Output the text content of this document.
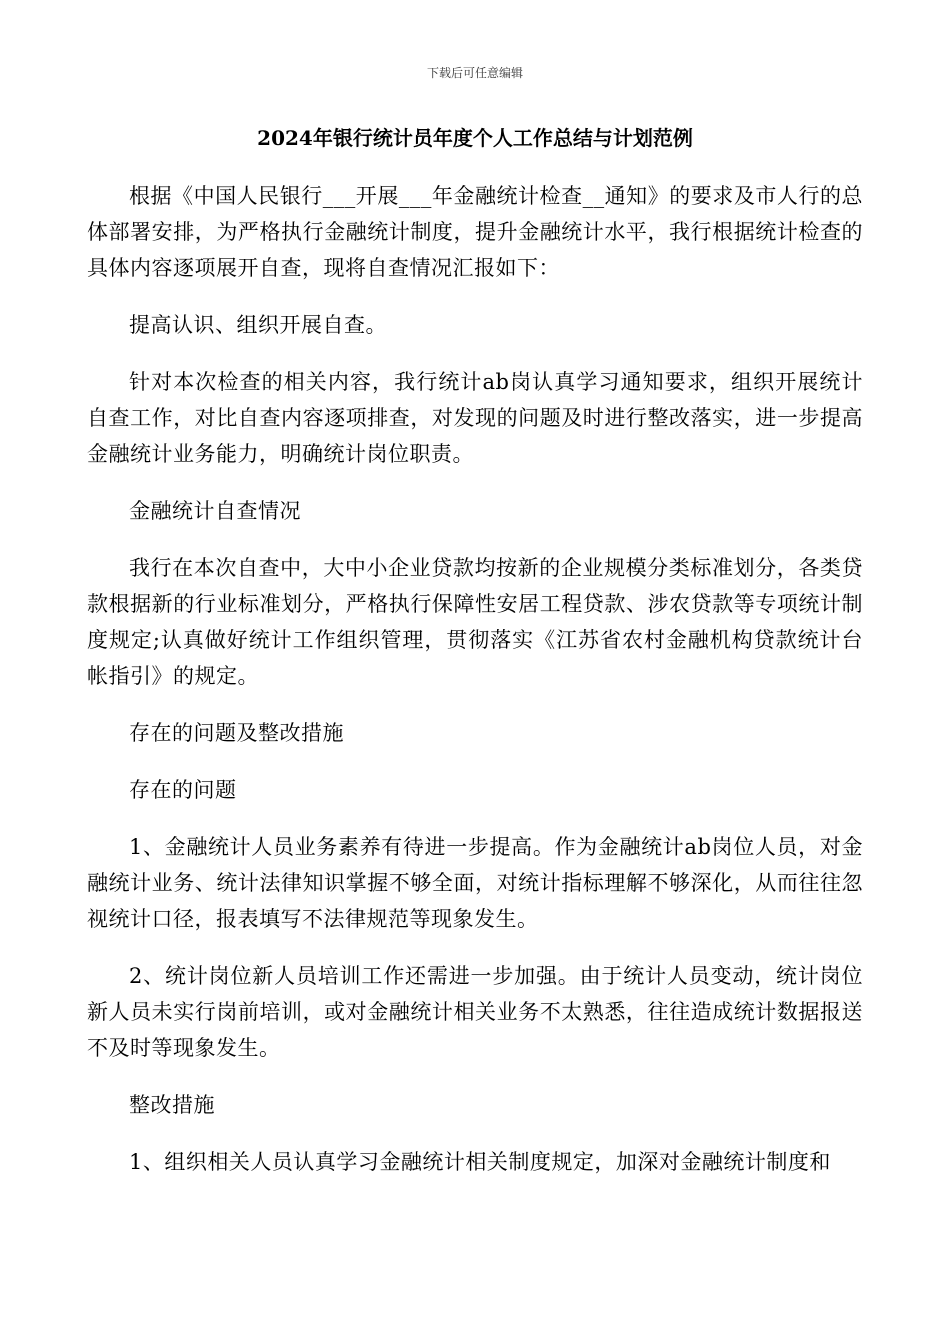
下载后可任意编辑
2024年银行统计员年度个人工作总结与计划范例

根据《中国人民银行___开展___年金融统计检查__通知》的要求及市人行的总体部署安排，为严格执行金融统计制度，提升金融统计水平，我行根据统计检查的具体内容逐项展开自查，现将自查情况汇报如下：

提高认识、组织开展自查。

针对本次检查的相关内容，我行统计ab岗认真学习通知要求，组织开展统计自查工作，对比自查内容逐项排查，对发现的问题及时进行整改落实，进一步提高金融统计业务能力，明确统计岗位职责。

金融统计自查情况

我行在本次自查中，大中小企业贷款均按新的企业规模分类标准划分，各类贷款根据新的行业标准划分，严格执行保障性安居工程贷款、涉农贷款等专项统计制度规定;认真做好统计工作组织管理，贯彻落实《江苏省农村金融机构贷款统计台帐指引》的规定。

存在的问题及整改措施

存在的问题

1、金融统计人员业务素养有待进一步提高。作为金融统计ab岗位人员，对金融统计业务、统计法律知识掌握不够全面，对统计指标理解不够深化，从而往往忽视统计口径，报表填写不法律规范等现象发生。

2、统计岗位新人员培训工作还需进一步加强。由于统计人员变动，统计岗位新人员未实行岗前培训，或对金融统计相关业务不太熟悉，往往造成统计数据报送不及时等现象发生。

整改措施

1、组织相关人员认真学习金融统计相关制度规定，加深对金融统计制度和
